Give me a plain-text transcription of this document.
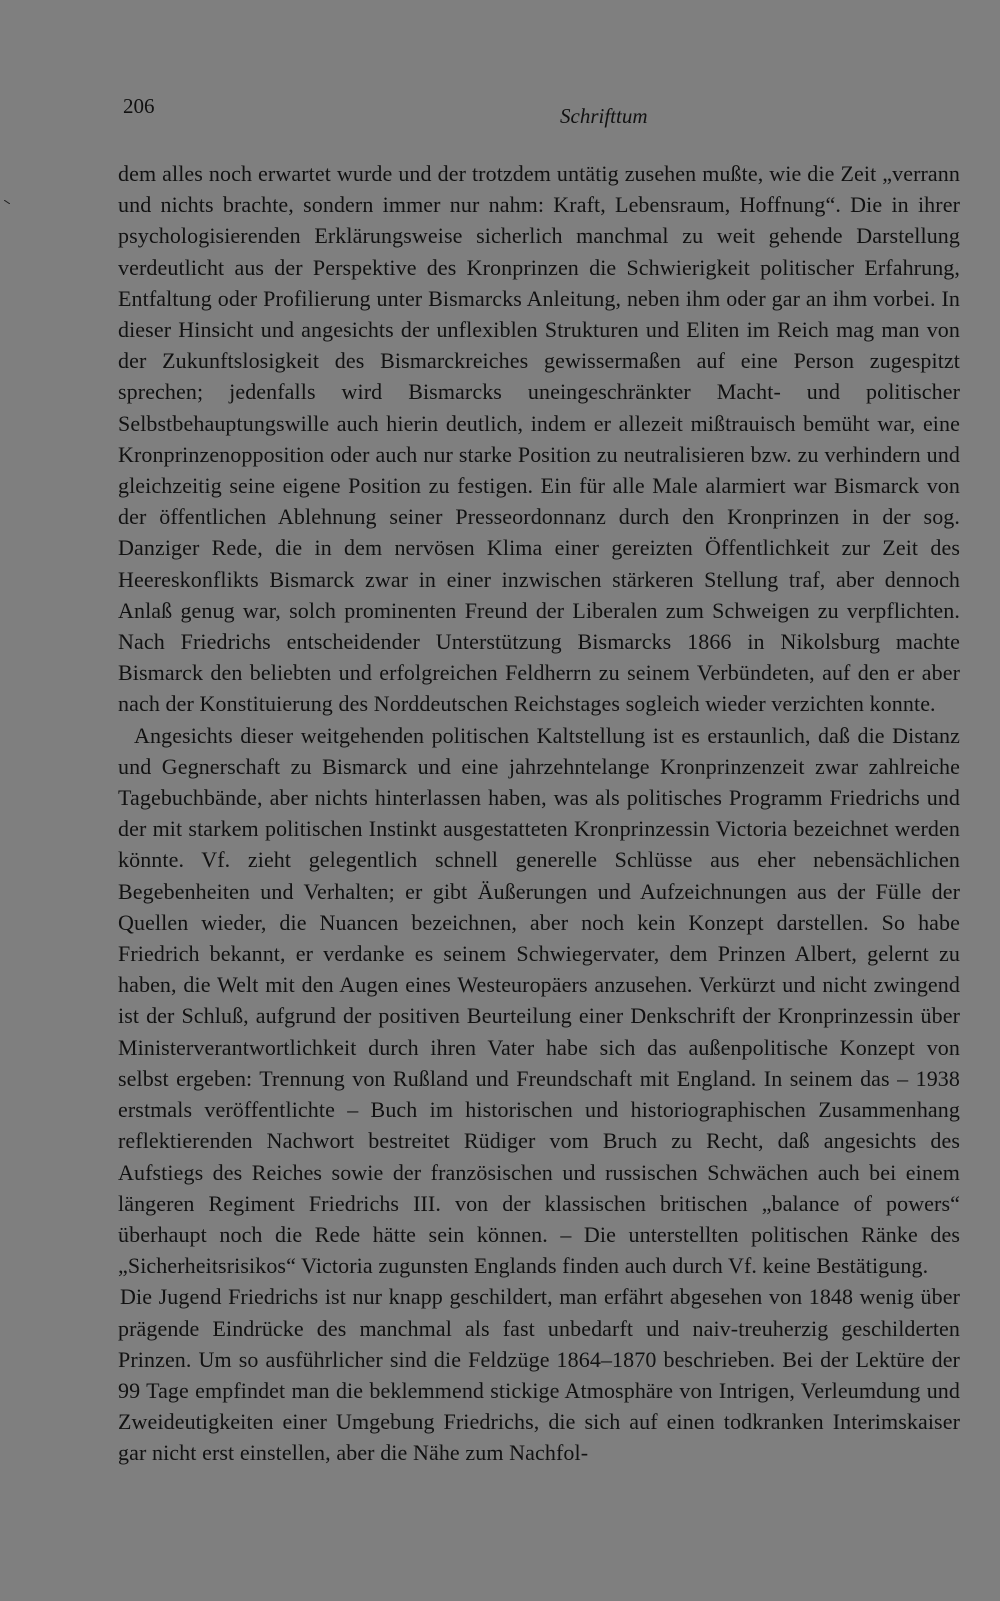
206	Schrifttum

dem alles noch erwartet wurde und der trotzdem untätig zusehen mußte, wie die Zeit „verrann und nichts brachte, sondern immer nur nahm: Kraft, Lebensraum, Hoffnung“. Die in ihrer psychologisierenden Erklärungsweise sicherlich manchmal zu weit gehende Darstellung verdeutlicht aus der Perspektive des Kronprinzen die Schwierigkeit politischer Erfahrung, Entfaltung oder Profilierung unter Bismarcks Anleitung, neben ihm oder gar an ihm vorbei. In dieser Hinsicht und angesichts der unflexiblen Strukturen und Eliten im Reich mag man von der Zukunftslosigkeit des Bismarckreiches gewissermaßen auf eine Person zugespitzt sprechen; jedenfalls wird Bismarcks uneingeschränkter Macht- und politischer Selbstbehauptungswille auch hierin deutlich, indem er allezeit mißtrauisch bemüht war, eine Kronprinzenopposition oder auch nur starke Position zu neutralisieren bzw. zu verhindern und gleichzeitig seine eigene Position zu festigen. Ein für alle Male alarmiert war Bismarck von der öffentlichen Ablehnung seiner Presseordonnanz durch den Kronprinzen in der sog. Danziger Rede, die in dem nervösen Klima einer gereizten Öffentlichkeit zur Zeit des Heereskonflikts Bismarck zwar in einer inzwischen stärkeren Stellung traf, aber dennoch Anlaß genug war, solch prominenten Freund der Liberalen zum Schweigen zu verpflichten. Nach Friedrichs entscheidender Unterstützung Bismarcks 1866 in Nikolsburg machte Bismarck den beliebten und erfolgreichen Feldherrn zu seinem Verbündeten, auf den er aber nach der Konstituierung des Norddeutschen Reichstages sogleich wieder verzichten konnte.

Angesichts dieser weitgehenden politischen Kaltstellung ist es erstaunlich, daß die Distanz und Gegnerschaft zu Bismarck und eine jahrzehntelange Kronprinzenzeit zwar zahlreiche Tagebuchbände, aber nichts hinterlassen haben, was als politisches Programm Friedrichs und der mit starkem politischen Instinkt ausgestatteten Kronprinzessin Victoria bezeichnet werden könnte. Vf. zieht gelegentlich schnell generelle Schlüsse aus eher nebensächlichen Begebenheiten und Verhalten; er gibt Äußerungen und Aufzeichnungen aus der Fülle der Quellen wieder, die Nuancen bezeichnen, aber noch kein Konzept darstellen. So habe Friedrich bekannt, er verdanke es seinem Schwiegervater, dem Prinzen Albert, gelernt zu haben, die Welt mit den Augen eines Westeuropäers anzusehen. Verkürzt und nicht zwingend ist der Schluß, aufgrund der positiven Beurteilung einer Denkschrift der Kronprinzessin über Ministerverantwortlichkeit durch ihren Vater habe sich das außenpolitische Konzept von selbst ergeben: Trennung von Rußland und Freundschaft mit England. In seinem das – 1938 erstmals veröffentlichte – Buch im historischen und historiographischen Zusammenhang reflektierenden Nachwort bestreitet Rüdiger vom Bruch zu Recht, daß angesichts des Aufstiegs des Reiches sowie der französischen und russischen Schwächen auch bei einem längeren Regiment Friedrichs III. von der klassischen britischen „balance of powers“ überhaupt noch die Rede hätte sein können. – Die unterstellten politischen Ränke des „Sicherheitsrisikos“ Victoria zugunsten Englands finden auch durch Vf. keine Bestätigung.

Die Jugend Friedrichs ist nur knapp geschildert, man erfährt abgesehen von 1848 wenig über prägende Eindrücke des manchmal als fast unbedarft und naiv-treuherzig geschilderten Prinzen. Um so ausführlicher sind die Feldzüge 1864–1870 beschrieben. Bei der Lektüre der 99 Tage empfindet man die beklemmend stickige Atmosphäre von Intrigen, Verleumdung und Zweideutigkeiten einer Umgebung Friedrichs, die sich auf einen todkranken Interimskaiser gar nicht erst einstellen, aber die Nähe zum Nachfol-
